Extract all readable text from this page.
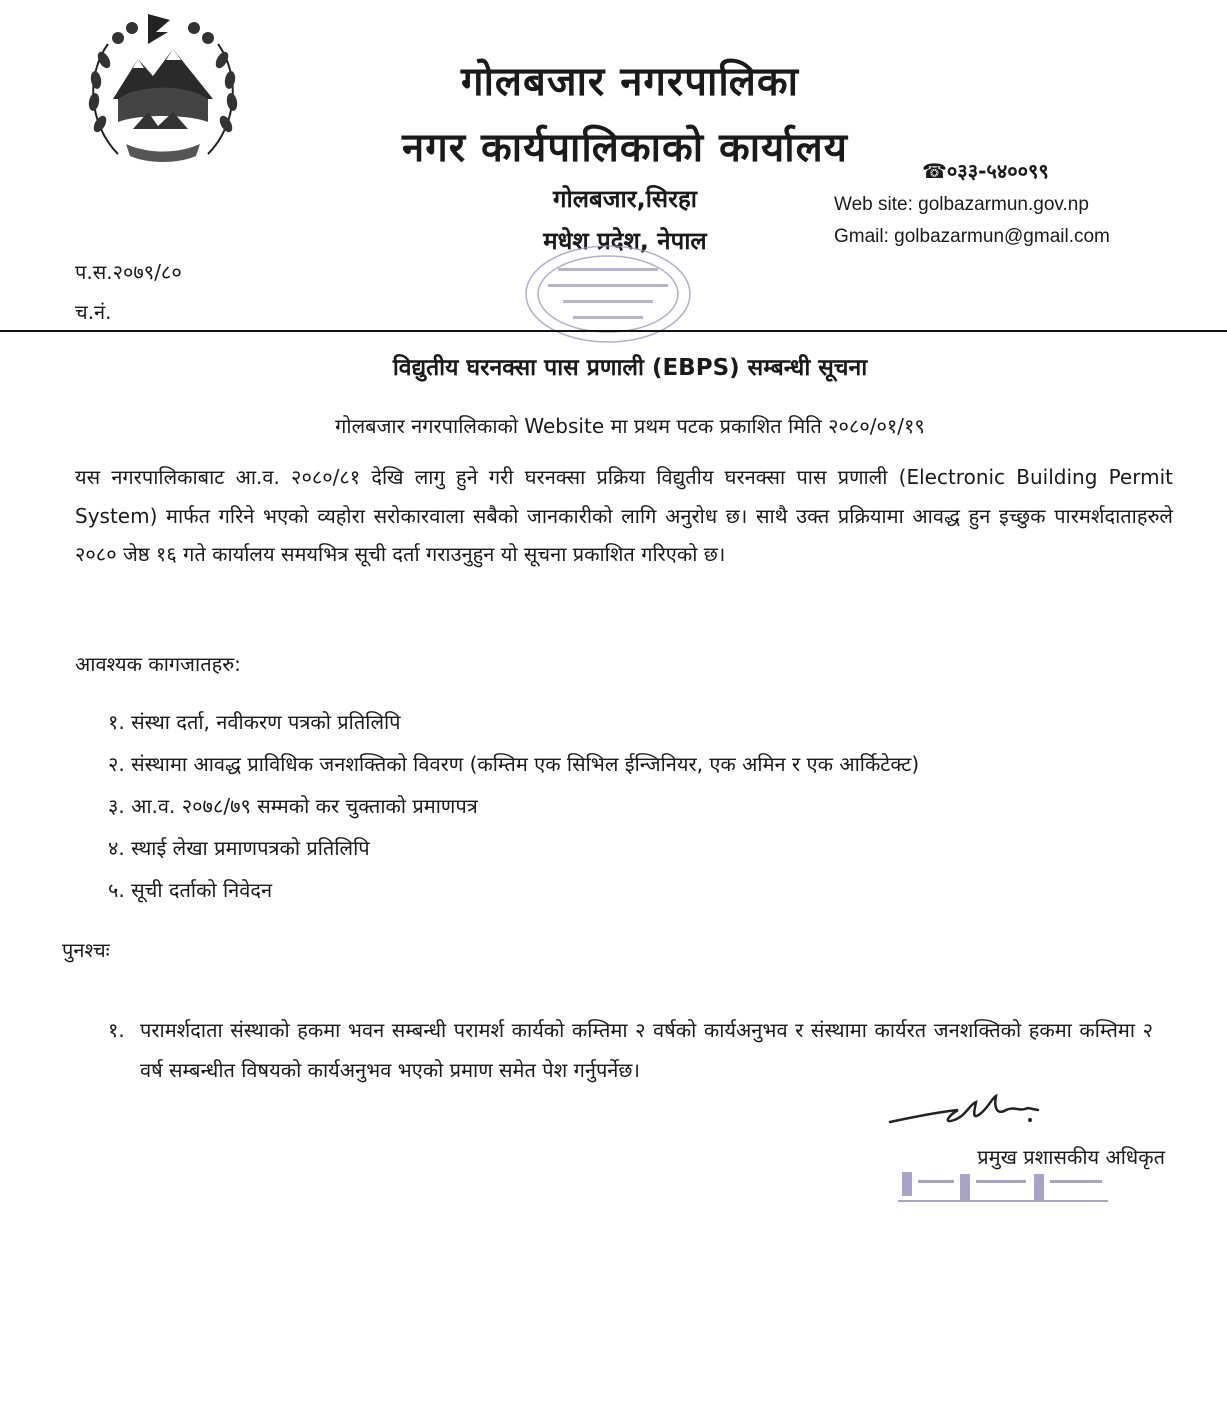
गोलबजार नगरपालिका
नगर कार्यपालिकाको कार्यालय
गोलबजार,सिरहा
मधेश प्रदेश, नेपाल
☎०३३-५४००९९
Web site: golbazarmun.gov.np
Gmail: golbazarmun@gmail.com
प.स.२०७९/८०
च.नं.
विद्युतीय घरनक्सा पास प्रणाली (EBPS) सम्बन्धी सूचना
गोलबजार नगरपालिकाको Website मा प्रथम पटक प्रकाशित मिति २०८०/०१/१९
यस नगरपालिकाबाट आ.व. २०८०/८१ देखि लागु हुने गरी घरनक्सा प्रक्रिया विद्युतीय घरनक्सा पास प्रणाली (Electronic Building Permit System) मार्फत गरिने भएको व्यहोरा सरोकारवाला सबैको जानकारीको लागि अनुरोध छ। साथै उक्त प्रक्रियामा आवद्ध हुन इच्छुक पारमर्शदाताहरुले २०८० जेष्ठ १६ गते कार्यालय समयभित्र सूची दर्ता गराउनुहुन यो सूचना प्रकाशित गरिएको छ।
आवश्यक कागजातहरु:
१. संस्था दर्ता, नवीकरण पत्रको प्रतिलिपि
२. संस्थामा आवद्ध प्राविधिक जनशक्तिको विवरण (कम्तिम एक सिभिल ईन्जिनियर, एक अमिन र एक आर्किटेक्ट)
३. आ.व. २०७८/७९ सम्मको कर चुक्ताको प्रमाणपत्र
४. स्थाई लेखा प्रमाणपत्रको प्रतिलिपि
५. सूची दर्ताको निवेदन
पुनश्चः
१. परामर्शदाता संस्थाको हकमा भवन सम्बन्धी परामर्श कार्यको कम्तिमा २ वर्षको कार्यअनुभव र संस्थामा कार्यरत जनशक्तिको हकमा कम्तिमा २ वर्ष सम्बन्धीत विषयको कार्यअनुभव भएको प्रमाण समेत पेश गर्नुपर्नेछ।
प्रमुख प्रशासकीय अधिकृत
